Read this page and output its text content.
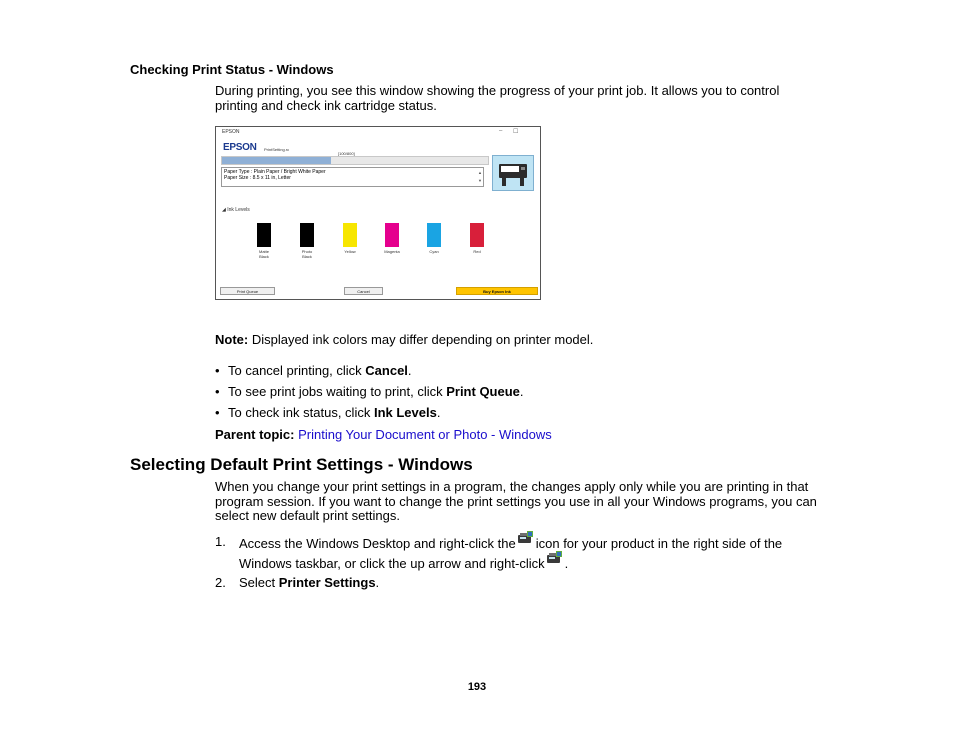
Checking Print Status - Windows
During printing, you see this window showing the progress of your print job. It allows you to control
printing and check ink cartridge status.
EPSON	– ☐
EPSON PrintSetting.rc
[100/800]
Paper Type : Plain Paper / Bright White Paper
Paper Size : 8.5 x 11 in, Letter
▲
▼
◢ Ink Levels
Matte
Black
Photo
Black
Yellow	Magenta	Cyan	Red
Print Queue	Cancel	Buy Epson Ink
Note: Displayed ink colors may differ depending on printer model.
• To cancel printing, click Cancel.
• To see print jobs waiting to print, click Print Queue.
• To check ink status, click Ink Levels.
Parent topic: Printing Your Document or Photo - Windows
Selecting Default Print Settings - Windows
When you change your print settings in a program, the changes apply only while you are printing in that
program session. If you want to change the print settings you use in all your Windows programs, you can
select new default print settings.
1. Access the Windows Desktop and right-click the icon for your product in the right side of the
Windows taskbar, or click the up arrow and right-click .
2. Select Printer Settings.
193
